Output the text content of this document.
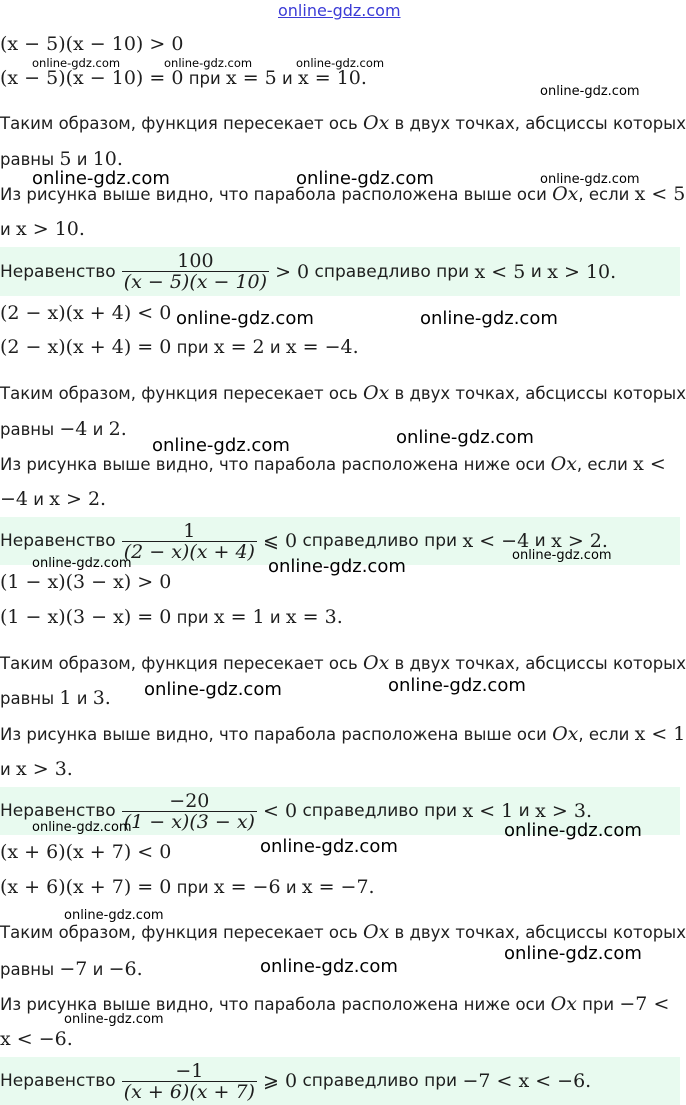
online-gdz.com
(x − 5)(x − 10) > 0
(x − 5)(x − 10) = 0 при x = 5 и x = 10.
Таким образом, функция пересекает ось Ox в двух точках, абсциссы которых
равны 5 и 10.
Из рисунка выше видно, что парабола расположена выше оси Ox, если x < 5
и x > 10.
Неравенство $\frac{100}{(x - 5)(x - 10)} > 0$
справедливо при
x < 5
и
x > 10.
(2 − x)(x + 4) < 0
(2 − x)(x + 4) = 0 при x = 2 и x = −4.
Таким образом, функция пересекает ось Ox в двух точках, абсциссы которых
равны −4 и 2.
Из рисунка выше видно, что парабола расположена ниже оси Ox, если x <
−4 и x > 2.
Неравенство $\frac{1}{(2 - x)(x + 4)}$ ⩽ 0
справедливо при
x < −4
и
x > 2.
(1 − x)(3 − x) > 0
(1 − x)(3 − x) = 0 при x = 1 и x = 3.
Таким образом, функция пересекает ось Ox в двух точках, абсциссы которых
равны 1 и 3.
Из рисунка выше видно, что парабола расположена выше оси Ox, если x < 1
и x > 3.
Неравенство $\frac{-20}{(1 - x)(3 - x)} < 0$
справедливо при
x < 1
и
x > 3.
(x + 6)(x + 7) < 0
(x + 6)(x + 7) = 0 при x = −6 и x = −7.
Таким образом, функция пересекает ось Ox в двух точках, абсциссы которых
равны −7 и −6.
Из рисунка выше видно, что парабола расположена ниже оси Ox при −7 <
x < −6.
Неравенство $\frac{-1}{(x + 6)(x + 7)}$ ⩾ 0
справедливо при
−7 < x < −6.
online-gdz.com	online-gdz.com	online-gdz.com
online-gdz.com
online-gdz.com	online-gdz.com	online-gdz.com
online-gdz.com	online-gdz.com
online-gdz.com	online-gdz.com
online-gdz.com	online-gdz.com
online-gdz.com
online-gdz.com	online-gdz.com
online-gdz.com	online-gdz.com
online-gdz.com
online-gdz.com
online-gdz.com
online-gdz.com
online-gdz.com
